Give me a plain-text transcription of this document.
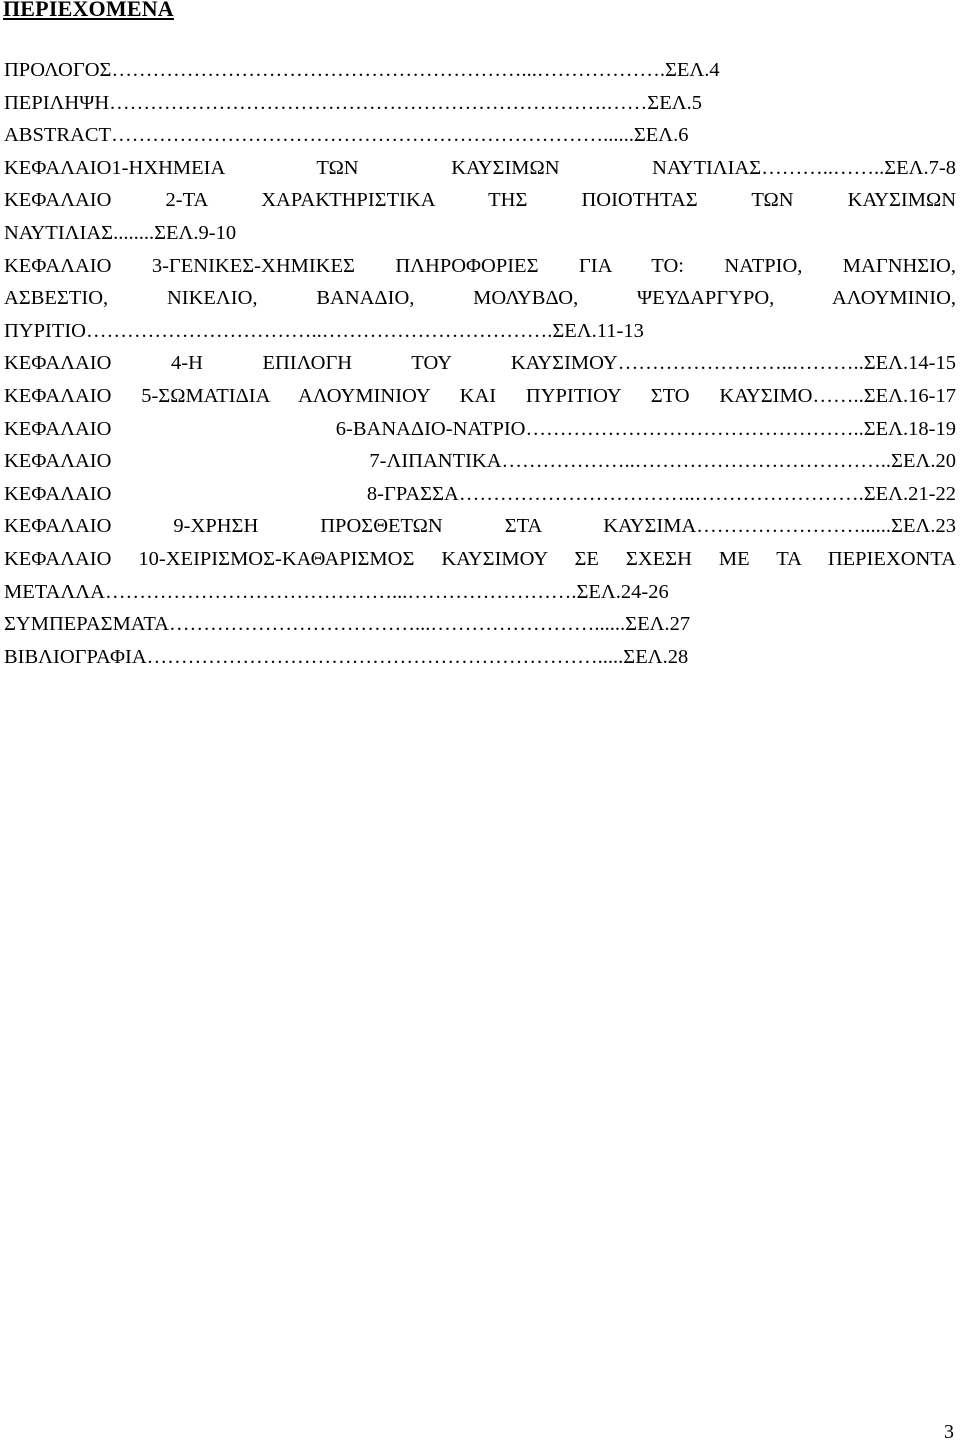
ΠΕΡΙΕΧΟΜΕΝΑ
ΠΡΟΛΟΓΟΣ……………………………………………………...……………….ΣΕΛ.4
ΠΕΡΙΛΗΨΗ……………………………………………………………….……ΣΕΛ.5
ABSTRACT………………………………………………………………......ΣΕΛ.6
ΚΕΦΑΛΑΙΟ1-ΗΧΗΜΕΙΑ ΤΩΝ ΚΑΥΣΙΜΩΝ ΝΑΥΤΙΛΙΑΣ………..……..ΣΕΛ.7-8
ΚΕΦΑΛΑΙΟ 2-ΤΑ ΧΑΡΑΚΤΗΡΙΣΤΙΚΑ ΤΗΣ ΠΟΙΟΤΗΤΑΣ ΤΩΝ ΚΑΥΣΙΜΩΝ
ΝΑΥΤΙΛΙΑΣ........ΣΕΛ.9-10
ΚΕΦΑΛΑΙΟ 3-ΓΕΝΙΚΕΣ-ΧΗΜΙΚΕΣ ΠΛΗΡΟΦΟΡΙΕΣ ΓΙΑ ΤΟ: ΝΑΤΡΙΟ, ΜΑΓΝΗΣΙΟ,
ΑΣΒΕΣΤΙΟ, ΝΙΚΕΛΙΟ, ΒΑΝΑΔΙΟ, ΜΟΛΥΒΔΟ, ΨΕΥΔΑΡΓΥΡΟ, ΑΛΟΥΜΙΝΙΟ,
ΠΥΡΙΤΙΟ……………………………..…………………………….ΣΕΛ.11-13
ΚΕΦΑΛΑΙΟ 4-Η ΕΠΙΛΟΓΗ ΤΟΥ ΚΑΥΣΙΜΟΥ……………………..………..ΣΕΛ.14-15
ΚΕΦΑΛΑΙΟ 5-ΣΩΜΑΤΙΔΙΑ ΑΛΟΥΜΙΝΙΟΥ ΚΑΙ ΠΥΡΙΤΙΟΥ ΣΤΟ ΚΑΥΣΙΜΟ……..ΣΕΛ.16-17
ΚΕΦΑΛΑΙΟ 6-ΒΑΝΑΔΙΟ-ΝΑΤΡΙΟ…………………………………………..ΣΕΛ.18-19
ΚΕΦΑΛΑΙΟ 7-ΛΙΠΑΝΤΙΚΑ………………..………………………………..ΣΕΛ.20
ΚΕΦΑΛΑΙΟ 8-ΓΡΑΣΣΑ……………………………..…………………….ΣΕΛ.21-22
ΚΕΦΑΛΑΙΟ 9-ΧΡΗΣΗ ΠΡΟΣΘΕΤΩΝ ΣΤΑ ΚΑΥΣΙΜΑ……………………......ΣΕΛ.23
ΚΕΦΑΛΑΙΟ 10-ΧΕΙΡΙΣΜΟΣ-ΚΑΘΑΡΙΣΜΟΣ ΚΑΥΣΙΜΟΥ ΣΕ ΣΧΕΣΗ ΜΕ ΤΑ ΠΕΡΙΕΧΟΝΤΑ
ΜΕΤΑΛΛΑ……………………………………...…………………….ΣΕΛ.24-26
ΣΥΜΠΕΡΑΣΜΑΤΑ………………………………...……………………......ΣΕΛ.27
ΒΙΒΛΙΟΓΡΑΦΙΑ………………………………………………………….....ΣΕΛ.28
3
